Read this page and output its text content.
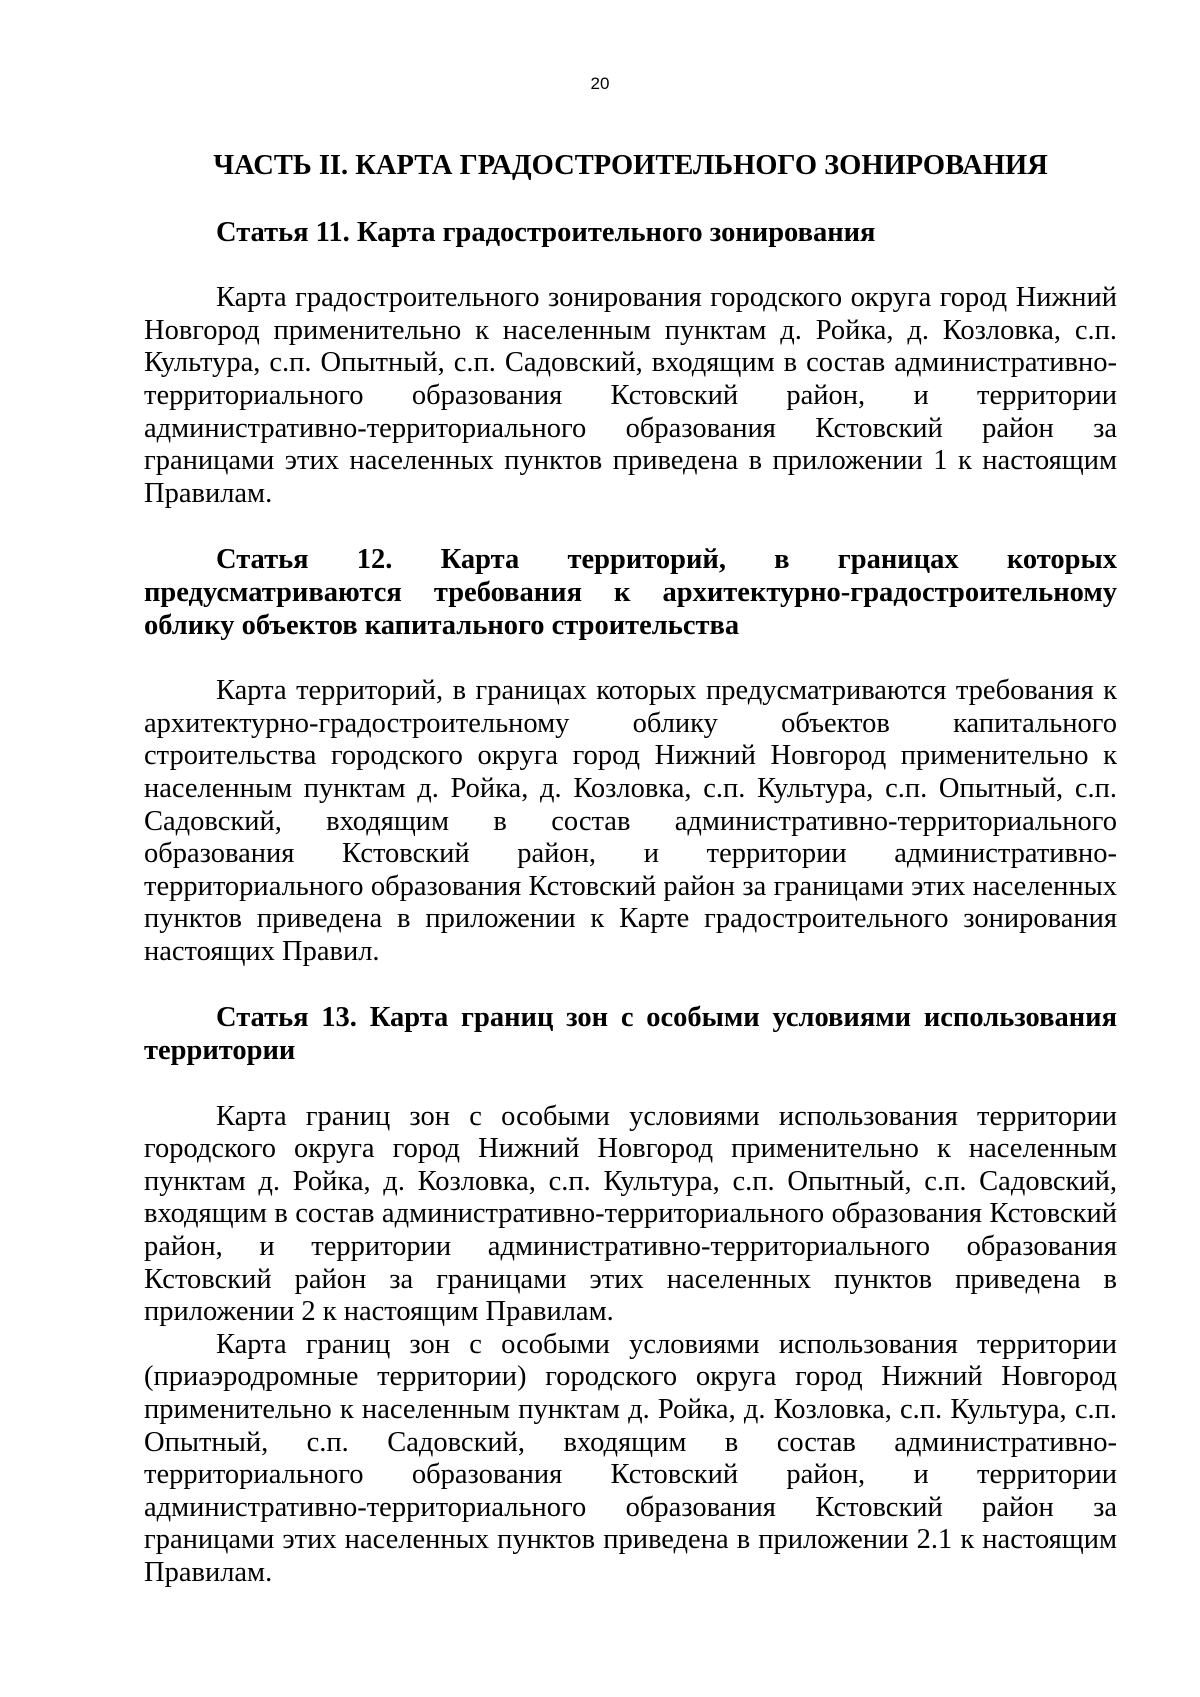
20
ЧАСТЬ II. КАРТА ГРАДОСТРОИТЕЛЬНОГО ЗОНИРОВАНИЯ
Статья 11. Карта градостроительного зонирования

Карта градостроительного зонирования городского округа город Нижний Новгород применительно к населенным пунктам д. Ройка, д. Козловка, с.п. Культура, с.п. Опытный, с.п. Садовский, входящим в состав административно-территориального образования Кстовский район, и территории административно-территориального образования Кстовский район за границами этих населенных пунктов приведена в приложении 1 к настоящим Правилам.

Статья 12. Карта территорий, в границах которых предусматриваются требования к архитектурно-градостроительному облику объектов капитального строительства

Карта территорий, в границах которых предусматриваются требования к архитектурно-градостроительному облику объектов капитального строительства городского округа город Нижний Новгород применительно к населенным пунктам д. Ройка, д. Козловка, с.п. Культура, с.п. Опытный, с.п. Садовский, входящим в состав административно-территориального образования Кстовский район, и территории административно-территориального образования Кстовский район за границами этих населенных пунктов приведена в приложении к Карте градостроительного зонирования настоящих Правил.

Статья 13. Карта границ зон с особыми условиями использования территории

Карта границ зон с особыми условиями использования территории городского округа город Нижний Новгород применительно к населенным пунктам д. Ройка, д. Козловка, с.п. Культура, с.п. Опытный, с.п. Садовский, входящим в состав административно-территориального образования Кстовский район, и территории административно-территориального образования Кстовский район за границами этих населенных пунктов приведена в приложении 2 к настоящим Правилам.

Карта границ зон с особыми условиями использования территории (приаэродромные территории) городского округа город Нижний Новгород применительно к населенным пунктам д. Ройка, д. Козловка, с.п. Культура, с.п. Опытный, с.п. Садовский, входящим в состав административно-территориального образования Кстовский район, и территории административно-территориального образования Кстовский район за границами этих населенных пунктов приведена в приложении 2.1 к настоящим Правилам.
